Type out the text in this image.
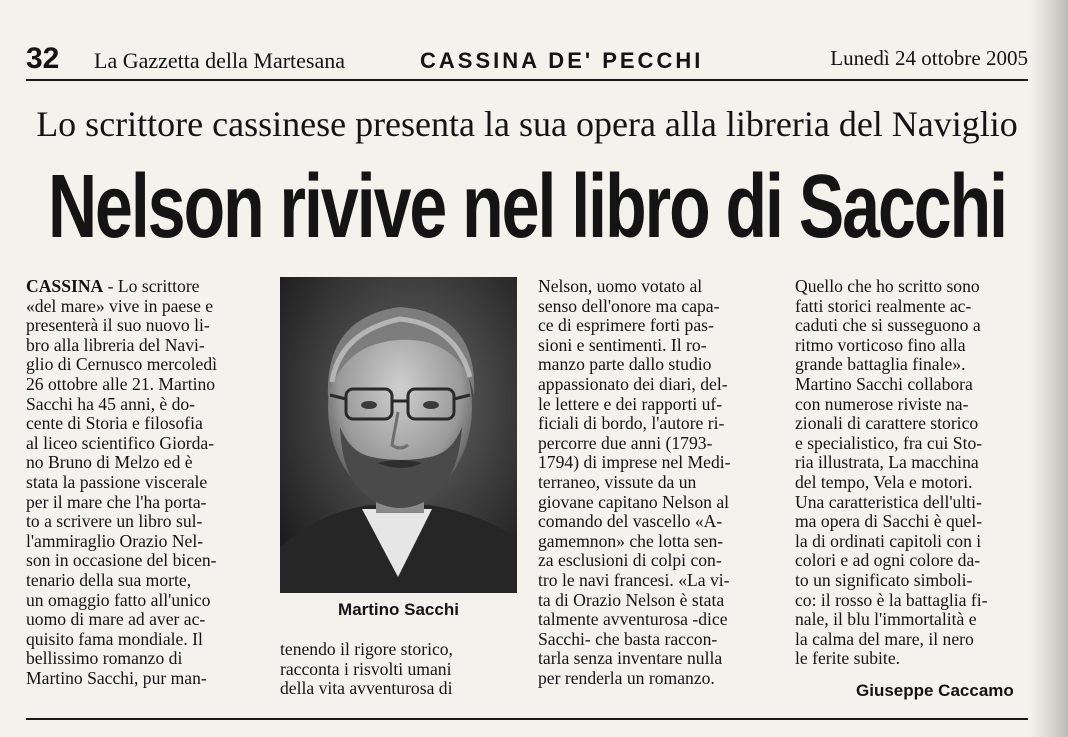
32 La Gazzetta della Martesana	CASSINA DE' PECCHI	Lunedì 24 ottobre 2005
Lo scrittore cassinese presenta la sua opera alla libreria del Naviglio
Nelson rivive nel libro di Sacchi
CASSINA - Lo scrittore
«del mare» vive in paese e
presenterà il suo nuovo li-
bro alla libreria del Navi-
glio di Cernusco mercoledì
26 ottobre alle 21. Martino
Sacchi ha 45 anni, è do-
cente di Storia e filosofia
al liceo scientifico Giorda-
no Bruno di Melzo ed è
stata la passione viscerale
per il mare che l'ha porta-
to a scrivere un libro sul-
l'ammiraglio Orazio Nel-
son in occasione del bicen-
tenario della sua morte,
un omaggio fatto all'unico
uomo di mare ad aver ac-
quisito fama mondiale. Il
bellissimo romanzo di
Martino Sacchi, pur man-
Martino Sacchi
tenendo il rigore storico,
racconta i risvolti umani
della vita avventurosa di
Nelson, uomo votato al
senso dell'onore ma capa-
ce di esprimere forti pas-
sioni e sentimenti. Il ro-
manzo parte dallo studio
appassionato dei diari, del-
le lettere e dei rapporti uf-
ficiali di bordo, l'autore ri-
percorre due anni (1793-
1794) di imprese nel Medi-
terraneo, vissute da un
giovane capitano Nelson al
comando del vascello «A-
gamemnon» che lotta sen-
za esclusioni di colpi con-
tro le navi francesi. «La vi-
ta di Orazio Nelson è stata
talmente avventurosa -dice
Sacchi- che basta raccon-
tarla senza inventare nulla
per renderla un romanzo.
Quello che ho scritto sono
fatti storici realmente ac-
caduti che si susseguono a
ritmo vorticoso fino alla
grande battaglia finale».
Martino Sacchi collabora
con numerose riviste na-
zionali di carattere storico
e specialistico, fra cui Sto-
ria illustrata, La macchina
del tempo, Vela e motori.
Una caratteristica dell'ulti-
ma opera di Sacchi è quel-
la di ordinati capitoli con i
colori e ad ogni colore da-
to un significato simboli-
co: il rosso è la battaglia fi-
nale, il blu l'immortalità e
la calma del mare, il nero
le ferite subite.
Giuseppe Caccamo
